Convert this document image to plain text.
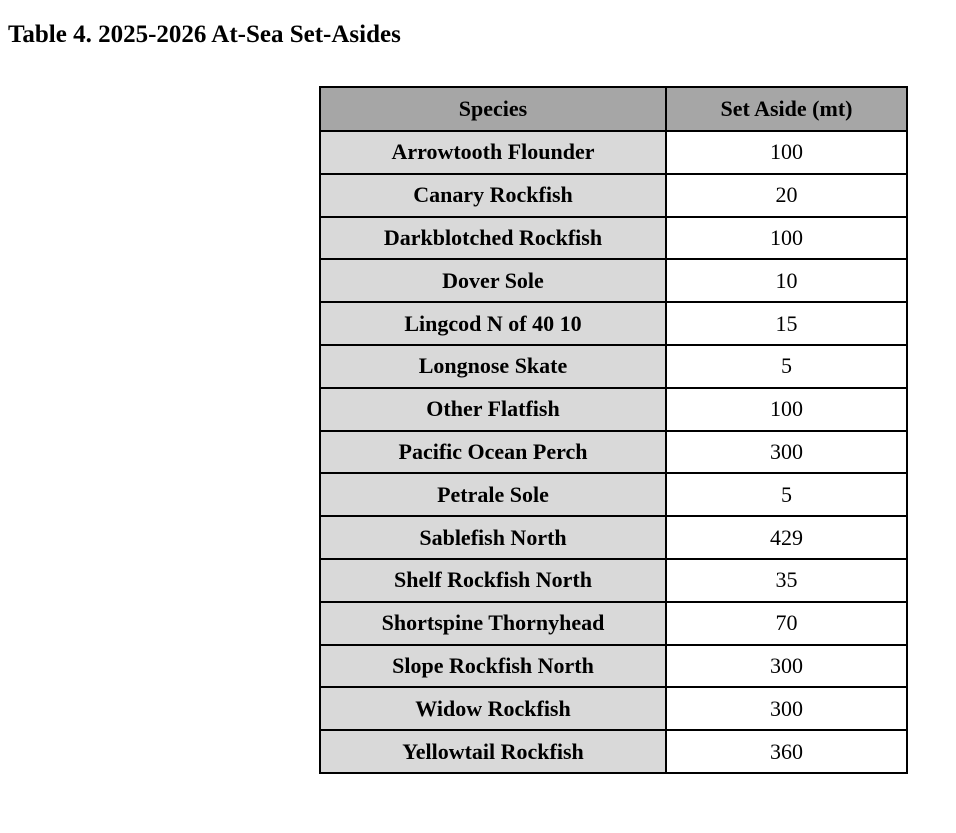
Table 4. 2025-2026 At-Sea Set-Asides
Species	Set Aside (mt)
Arrowtooth Flounder	100
Canary Rockfish	20
Darkblotched Rockfish	100
Dover Sole	10
Lingcod N of 40 10	15
Longnose Skate	5
Other Flatfish	100
Pacific Ocean Perch	300
Petrale Sole	5
Sablefish North	429
Shelf Rockfish North	35
Shortspine Thornyhead	70
Slope Rockfish North	300
Widow Rockfish	300
Yellowtail Rockfish	360
